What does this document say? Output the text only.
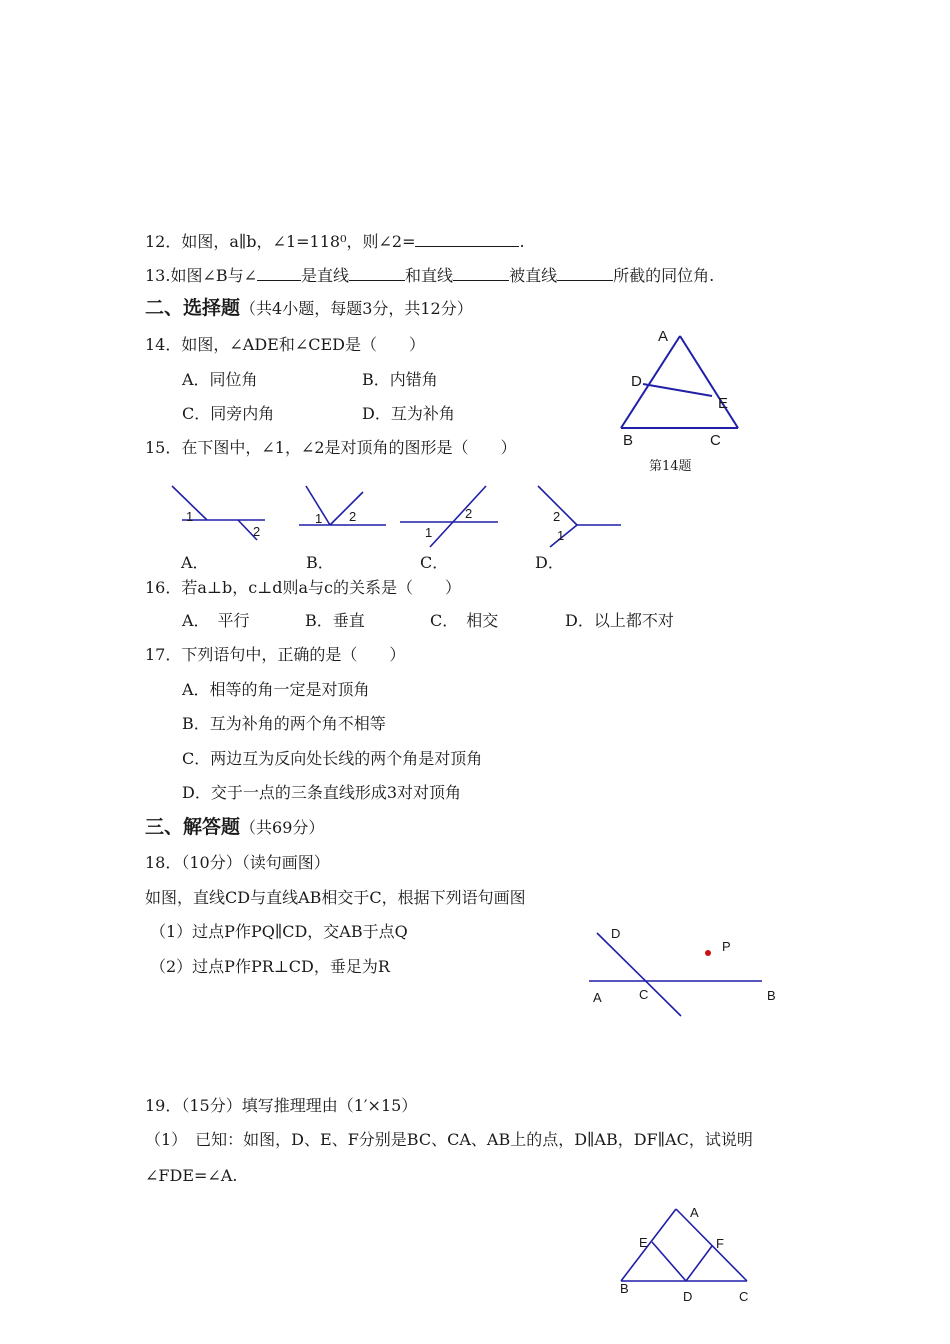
12．如图，a∥b，∠1=118⁰，则∠2=	.
13.如图∠B与∠	是直线	和直线	被直线	所截的同位角.
二、选择题（共4小题，每题3分，共12分）
14．如图，∠ADE和∠CED是（　　）
A．同位角	B．内错角
C．同旁内角	D．互为补角
A
D
E
B	C
第14题
15．在下图中，∠1，∠2是对顶角的图形是（　　）
1
2
1 2
1
2	2
1
A．	B．	C．	D．
16．若a⊥b，c⊥d则a与c的关系是（　　）
A．　平行	B．垂直	C．　相交	D．以上都不对
17．下列语句中，正确的是（　　）
A．相等的角一定是对顶角
B．互为补角的两个角不相等
C．两边互为反向处长线的两个角是对顶角
D．交于一点的三条直线形成3对对顶角
三、解答题（共69分）
18．（10分）（读句画图）
如图，直线CD与直线AB相交于C，根据下列语句画图
（1）过点P作PQ∥CD，交AB于点Q
（2）过点P作PR⊥CD，垂足为R
D
P
A	C	B
19．（15分）填写推理理由（1′×15）
（1）　已知：如图，D、E、F分别是BC、CA、AB上的点，D∥AB，DF∥AC，试说明
∠FDE=∠A.
A
E	F
B
D	C
